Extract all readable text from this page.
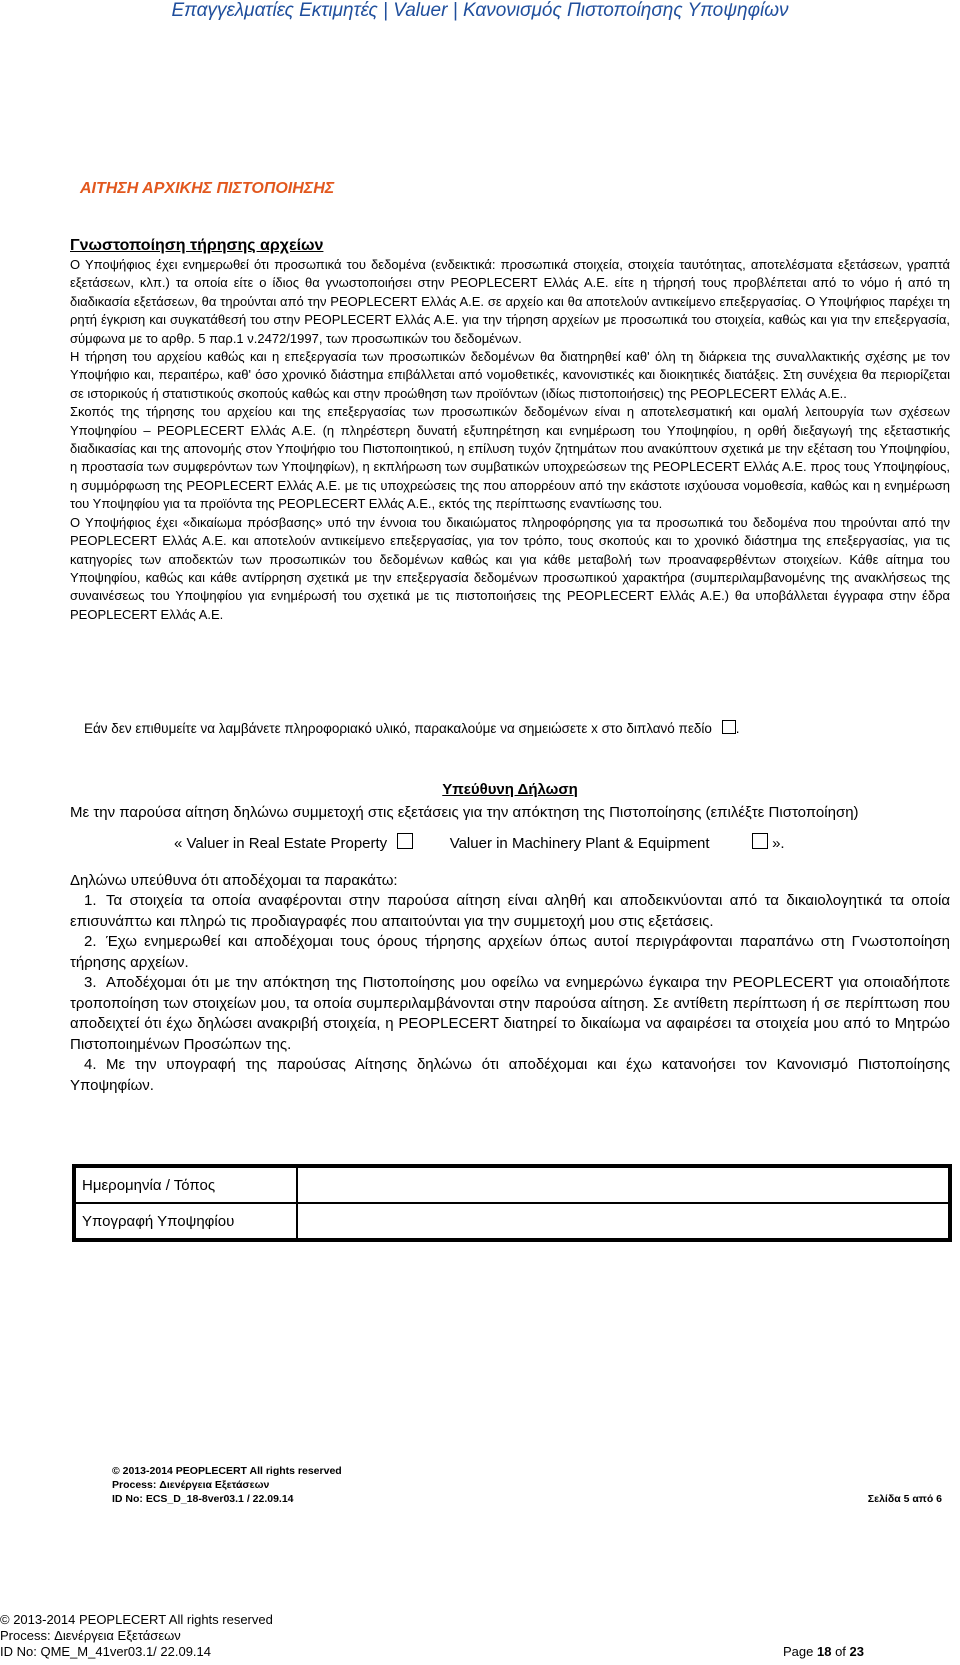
Επαγγελματίες Εκτιμητές | Valuer | Κανονισμός Πιστοποίησης Υποψηφίων
ΑΙΤΗΣΗ ΑΡΧΙΚΗΣ ΠΙΣΤΟΠΟΙΗΣΗΣ
Γνωστοποίηση τήρησης αρχείων

Ο Υποψήφιος έχει ενημερωθεί ότι προσωπικά του δεδομένα (ενδεικτικά: προσωπικά στοιχεία, στοιχεία ταυτότητας, αποτελέσματα εξετάσεων, γραπτά εξετάσεων, κλπ.) τα οποία είτε ο ίδιος θα γνωστοποιήσει στην PEOPLECERT Ελλάς Α.Ε. είτε η τήρησή τους προβλέπεται από το νόμο ή από τη διαδικασία εξετάσεων, θα τηρούνται από την PEOPLECERT Ελλάς Α.Ε. σε αρχείο και θα αποτελούν αντικείμενο επεξεργασίας. Ο Υποψήφιος παρέχει τη ρητή έγκριση και συγκατάθεσή του στην PEOPLECERT Ελλάς Α.Ε. για την τήρηση αρχείων με προσωπικά του στοιχεία, καθώς και για την επεξεργασία, σύμφωνα με το αρθρ. 5 παρ.1 ν.2472/1997, των προσωπικών του δεδομένων.

Η τήρηση του αρχείου καθώς και η επεξεργασία των προσωπικών δεδομένων θα διατηρηθεί καθ' όλη τη διάρκεια της συναλλακτικής σχέσης με τον Υποψήφιο και, περαιτέρω, καθ' όσο χρονικό διάστημα επιβάλλεται από νομοθετικές, κανονιστικές και διοικητικές διατάξεις. Στη συνέχεια θα περιορίζεται σε ιστορικούς ή στατιστικούς σκοπούς καθώς και στην προώθηση των προϊόντων (ιδίως πιστοποιήσεις) της PEOPLECERT Ελλάς Α.Ε..

Σκοπός της τήρησης του αρχείου και της επεξεργασίας των προσωπικών δεδομένων είναι η αποτελεσματική και ομαλή λειτουργία των σχέσεων Υποψηφίου – PEOPLECERT Ελλάς Α.Ε. (η πληρέστερη δυνατή εξυπηρέτηση και ενημέρωση του Υποψηφίου, η ορθή διεξαγωγή της εξεταστικής διαδικασίας και της απονομής στον Υποψήφιο του Πιστοποιητικού, η επίλυση τυχόν ζητημάτων που ανακύπτουν σχετικά με την εξέταση του Υποψηφίου, η προστασία των συμφερόντων των Υποψηφίων), η εκπλήρωση των συμβατικών υποχρεώσεων της PEOPLECERT Ελλάς Α.Ε. προς τους Υποψηφίους, η συμμόρφωση της PEOPLECERT Ελλάς Α.Ε. με τις υποχρεώσεις της που απορρέουν από την εκάστοτε ισχύουσα νομοθεσία, καθώς και η ενημέρωση του Υποψηφίου για τα προϊόντα της PEOPLECERT Ελλάς Α.Ε., εκτός της περίπτωσης εναντίωσης του.

Ο Υποψήφιος έχει «δικαίωμα πρόσβασης» υπό την έννοια του δικαιώματος πληροφόρησης για τα προσωπικά του δεδομένα που τηρούνται από την PEOPLECERT Ελλάς Α.Ε. και αποτελούν αντικείμενο επεξεργασίας, για τον τρόπο, τους σκοπούς και το χρονικό διάστημα της επεξεργασίας, για τις κατηγορίες των αποδεκτών των προσωπικών του δεδομένων καθώς και για κάθε μεταβολή των προαναφερθέντων στοιχείων. Κάθε αίτημα του Υποψηφίου, καθώς και κάθε αντίρρηση σχετικά με την επεξεργασία δεδομένων προσωπικού χαρακτήρα (συμπεριλαμβανομένης της ανακλήσεως της συναινέσεως του Υποψηφίου για ενημέρωσή του σχετικά με τις πιστοποιήσεις της PEOPLECERT Ελλάς Α.Ε.) θα υποβάλλεται έγγραφα στην έδρα PEOPLECERT Ελλάς Α.Ε.

Εάν δεν επιθυμείτε να λαμβάνετε πληροφοριακό υλικό, παρακαλούμε να σημειώσετε x στο διπλανό πεδίο .
Υπεύθυνη Δήλωση

Με την παρούσα αίτηση δηλώνω συμμετοχή στις εξετάσεις για την απόκτηση της Πιστοποίησης (επιλέξτε Πιστοποίηση)

« Valuer in Real Estate Property	Valuer in Machinery Plant & Equipment	».

Δηλώνω υπεύθυνα ότι αποδέχομαι τα παρακάτω:

1. Τα στοιχεία τα οποία αναφέρονται στην παρούσα αίτηση είναι αληθή και αποδεικνύονται από τα δικαιολογητικά τα οποία επισυνάπτω και πληρώ τις προδιαγραφές που απαιτούνται για την συμμετοχή μου στις εξετάσεις.

2. Έχω ενημερωθεί και αποδέχομαι τους όρους τήρησης αρχείων όπως αυτοί περιγράφονται παραπάνω στη Γνωστοποίηση τήρησης αρχείων.

3. Αποδέχομαι ότι με την απόκτηση της Πιστοποίησης μου οφείλω να ενημερώνω έγκαιρα την PEOPLECERT για οποιαδήποτε τροποποίηση των στοιχείων μου, τα οποία συμπεριλαμβάνονται στην παρούσα αίτηση. Σε αντίθετη περίπτωση ή σε περίπτωση που αποδειχτεί ότι έχω δηλώσει ανακριβή στοιχεία, η PEOPLECERT διατηρεί το δικαίωμα να αφαιρέσει τα στοιχεία μου από το Μητρώο Πιστοποιημένων Προσώπων της.

4. Με την υπογραφή της παρούσας Αίτησης δηλώνω ότι αποδέχομαι και έχω κατανοήσει τον Κανονισμό Πιστοποίησης Υποψηφίων.

Ημερομηνία / Τόπος	
Υπογραφή Υποψηφίου	
© 2013-2014 PEOPLECERT All rights reserved
Process: Διενέργεια Εξετάσεων
ID No: ECS_D_18-8ver03.1 / 22.09.14	Σελίδα 5 από 6
© 2013-2014 PEOPLECERT All rights reserved
Process: Διενέργεια Εξετάσεων
ID No: QME_M_41ver03.1/ 22.09.14	Page 18 of 23
